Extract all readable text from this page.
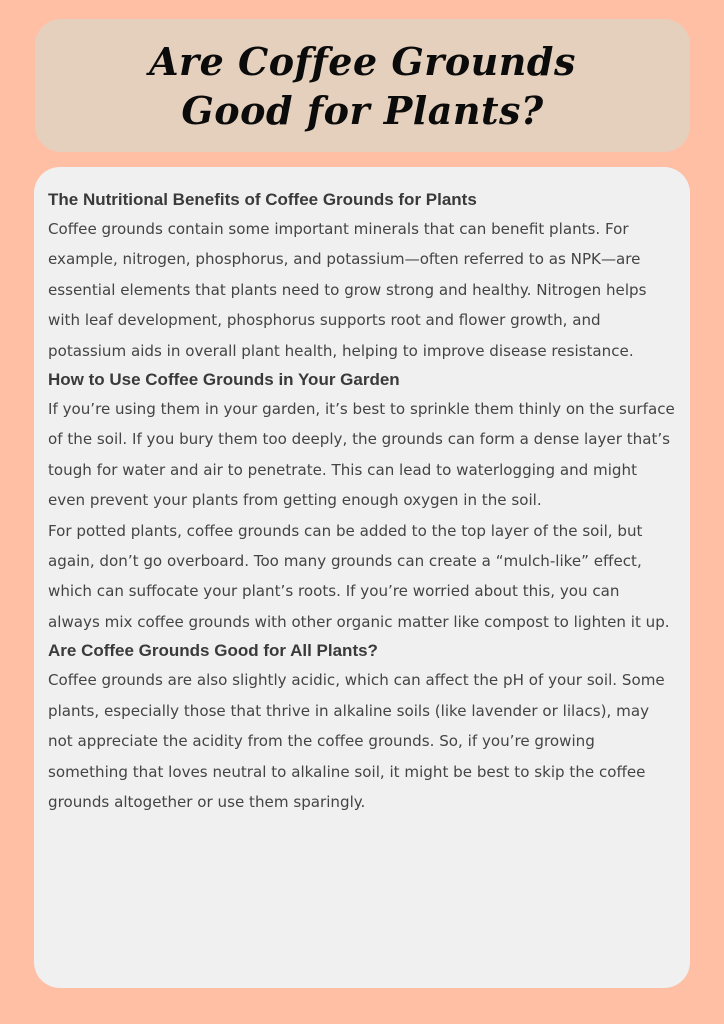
Are Coffee Grounds
Good for Plants?
The Nutritional Benefits of Coffee Grounds for Plants

Coffee grounds contain some important minerals that can benefit plants. For example, nitrogen, phosphorus, and potassium—often referred to as NPK—are essential elements that plants need to grow strong and healthy. Nitrogen helps with leaf development, phosphorus supports root and flower growth, and potassium aids in overall plant health, helping to improve disease resistance.

How to Use Coffee Grounds in Your Garden

If you’re using them in your garden, it’s best to sprinkle them thinly on the surface of the soil. If you bury them too deeply, the grounds can form a dense layer that’s tough for water and air to penetrate. This can lead to waterlogging and might even prevent your plants from getting enough oxygen in the soil.

For potted plants, coffee grounds can be added to the top layer of the soil, but again, don’t go overboard. Too many grounds can create a “mulch-like” effect, which can suffocate your plant’s roots. If you’re worried about this, you can always mix coffee grounds with other organic matter like compost to lighten it up.

Are Coffee Grounds Good for All Plants?

Coffee grounds are also slightly acidic, which can affect the pH of your soil. Some plants, especially those that thrive in alkaline soils (like lavender or lilacs), may not appreciate the acidity from the coffee grounds. So, if you’re growing something that loves neutral to alkaline soil, it might be best to skip the coffee grounds altogether or use them sparingly.
